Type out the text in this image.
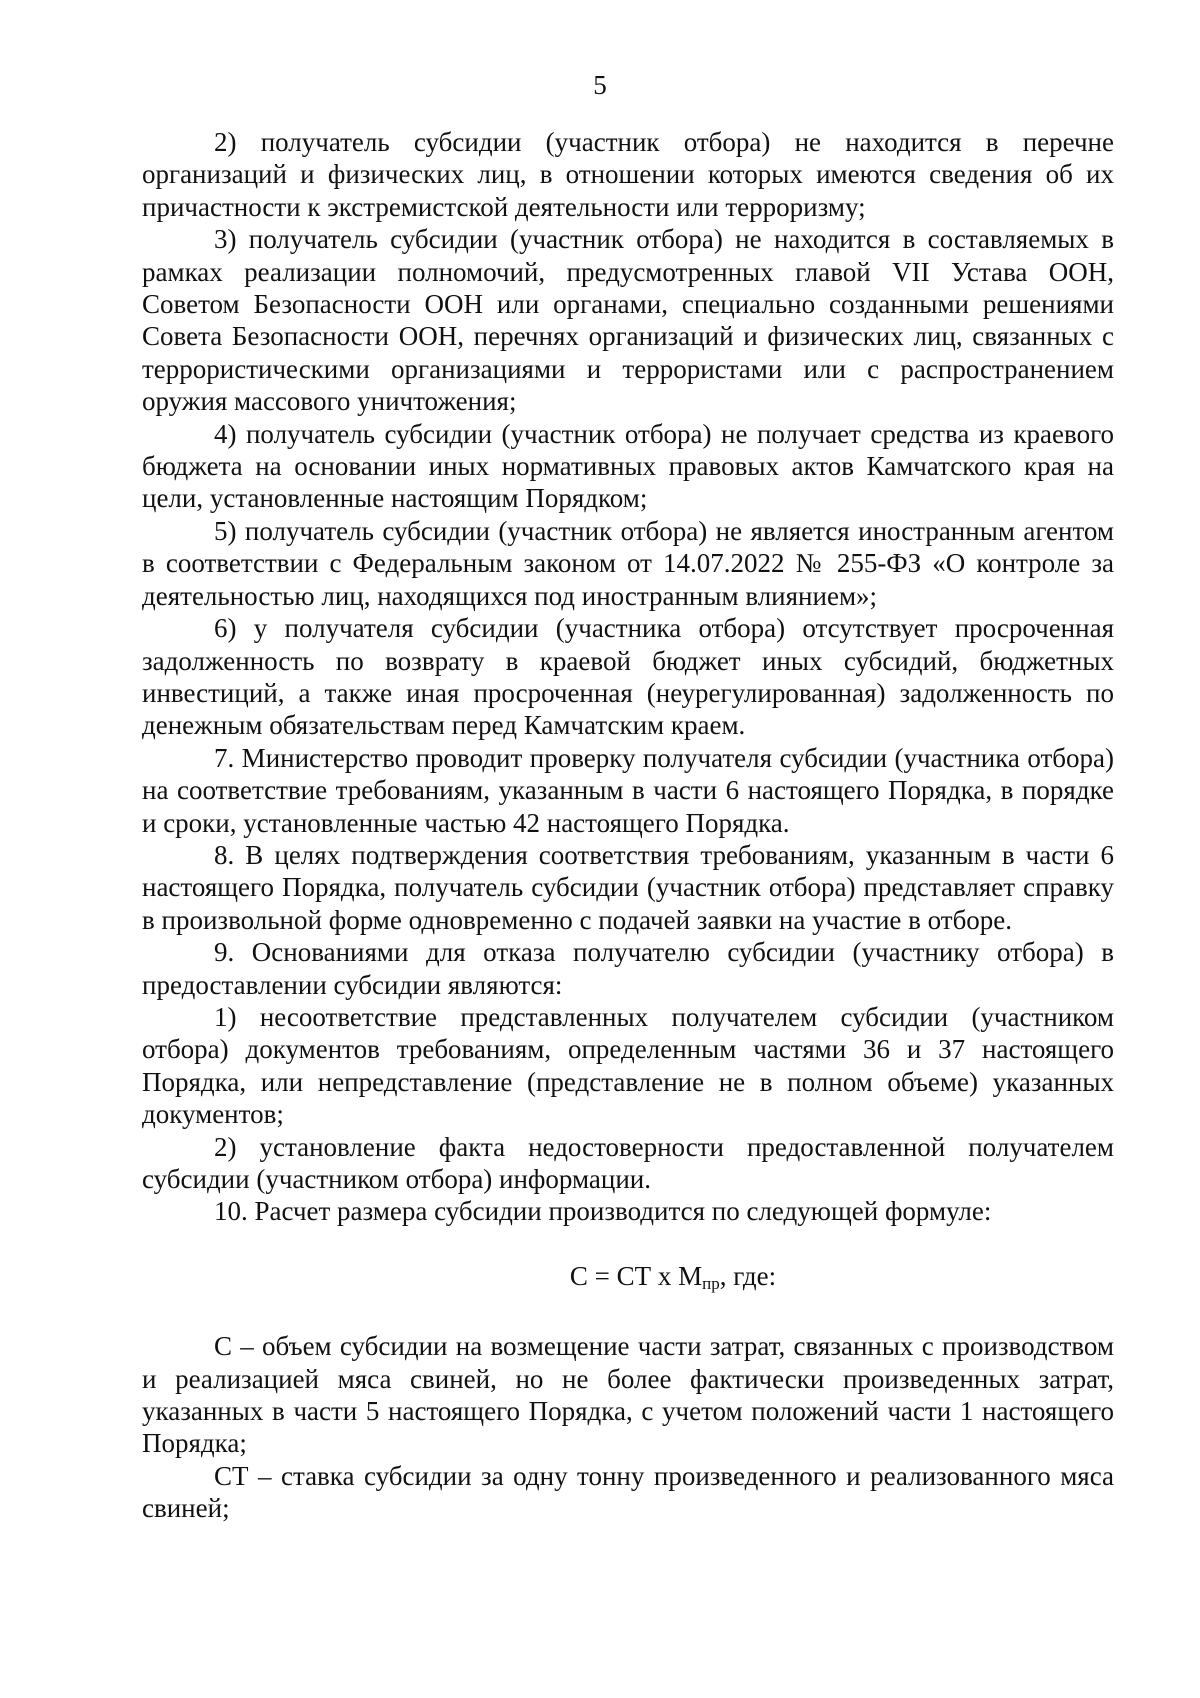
5

2) получатель субсидии (участник отбора) не находится в перечне организаций и физических лиц, в отношении которых имеются сведения об их причастности к экстремистской деятельности или терроризму;

3) получатель субсидии (участник отбора) не находится в составляемых в рамках реализации полномочий, предусмотренных главой VII Устава ООН, Советом Безопасности ООН или органами, специально созданными решениями Совета Безопасности ООН, перечнях организаций и физических лиц, связанных с террористическими организациями и террористами или с распространением оружия массового уничтожения;

4) получатель субсидии (участник отбора) не получает средства из краевого бюджета на основании иных нормативных правовых актов Камчатского края на цели, установленные настоящим Порядком;

5) получатель субсидии (участник отбора) не является иностранным агентом в соответствии с Федеральным законом от 14.07.2022 № 255-ФЗ «О контроле за деятельностью лиц, находящихся под иностранным влиянием»;

6) у получателя субсидии (участника отбора) отсутствует просроченная задолженность по возврату в краевой бюджет иных субсидий, бюджетных инвестиций, а также иная просроченная (неурегулированная) задолженность по денежным обязательствам перед Камчатским краем.

7. Министерство проводит проверку получателя субсидии (участника отбора) на соответствие требованиям, указанным в части 6 настоящего Порядка, в порядке и сроки, установленные частью 42 настоящего Порядка.

8. В целях подтверждения соответствия требованиям, указанным в части 6 настоящего Порядка, получатель субсидии (участник отбора) представляет справку в произвольной форме одновременно с подачей заявки на участие в отборе.

9. Основаниями для отказа получателю субсидии (участнику отбора) в предоставлении субсидии являются:

1) несоответствие представленных получателем субсидии (участником отбора) документов требованиям, определенным частями 36 и 37 настоящего Порядка, или непредставление (представление не в полном объеме) указанных документов;

2) установление факта недостоверности предоставленной получателем субсидии (участником отбора) информации.

10. Расчет размера субсидии производится по следующей формуле:

С = СТ x $М_{пр}$, где:

С – объем субсидии на возмещение части затрат, связанных с производством и реализацией мяса свиней, но не более фактически произведенных затрат, указанных в части 5 настоящего Порядка, с учетом положений части 1 настоящего Порядка;

СТ – ставка субсидии за одну тонну произведенного и реализованного мяса свиней;
